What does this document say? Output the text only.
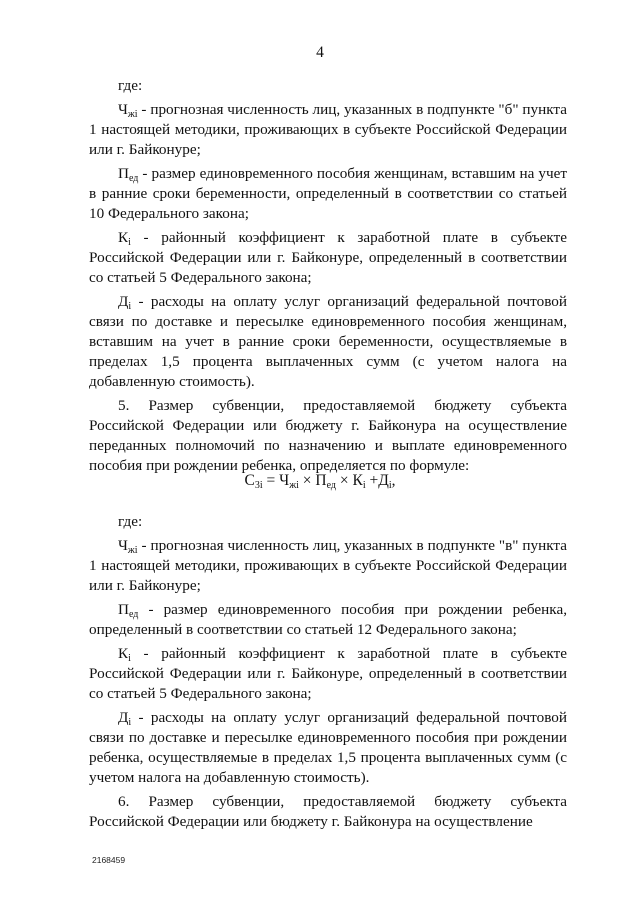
4

где:

$Ч_{жi}$ - прогнозная численность лиц, указанных в подпункте "б" пункта 1 настоящей методики, проживающих в субъекте Российской Федерации или г. Байконуре;

$П_{ед}$ - размер единовременного пособия женщинам, вставшим на учет в ранние сроки беременности, определенный в соответствии со статьей 10 Федерального закона;

$К_i$ - районный коэффициент к заработной плате в субъекте Российской Федерации или г. Байконуре, определенный в соответствии со статьей 5 Федерального закона;

$Д_i$ - расходы на оплату услуг организаций федеральной почтовой связи по доставке и пересылке единовременного пособия женщинам, вставшим на учет в ранние сроки беременности, осуществляемые в пределах 1,5 процента выплаченных сумм (с учетом налога на добавленную стоимость).

5. Размер субвенции, предоставляемой бюджету субъекта Российской Федерации или бюджету г. Байконура на осуществление переданных полномочий по назначению и выплате единовременного пособия при рождении ребенка, определяется по формуле:

$С_{3i} = Ч_{жi} \times П_{ед} \times К_i +Д_i$,

где:

$Ч_{жi}$ - прогнозная численность лиц, указанных в подпункте "в" пункта 1 настоящей методики, проживающих в субъекте Российской Федерации или г. Байконуре;

$П_{ед}$ - размер единовременного пособия при рождении ребенка, определенный в соответствии со статьей 12 Федерального закона;

$К_i$ - районный коэффициент к заработной плате в субъекте Российской Федерации или г. Байконуре, определенный в соответствии со статьей 5 Федерального закона;

$Д_i$ - расходы на оплату услуг организаций федеральной почтовой связи по доставке и пересылке единовременного пособия при рождении ребенка, осуществляемые в пределах 1,5 процента выплаченных сумм (с учетом налога на добавленную стоимость).

6. Размер субвенции, предоставляемой бюджету субъекта Российской Федерации или бюджету г. Байконура на осуществление

2168459
